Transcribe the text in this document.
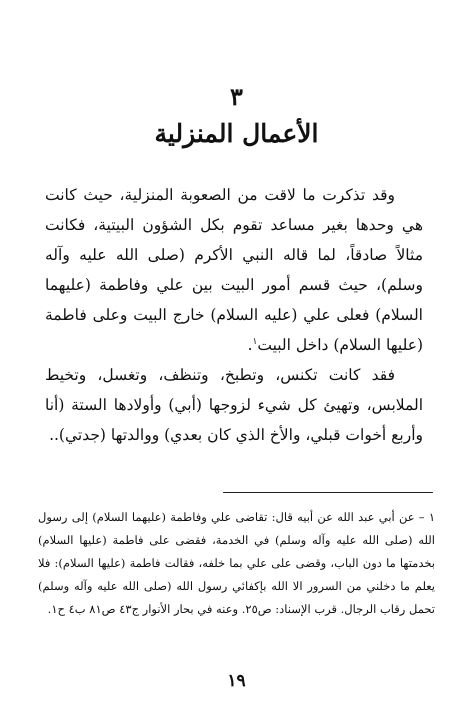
٣
الأعمال المنزلية

وقد تذكرت ما لاقت من الصعوبة المنزلية، حيث كانت هي وحدها بغير مساعد تقوم بكل الشؤون البيتية، فكانت مثالاً صادقاً، لما قاله النبي الأكرم (صلى الله عليه وآله وسلم)، حيث قسم أمور البيت بين علي وفاطمة (عليهما السلام) فعلى علي (عليه السلام) خارج البيت وعلى فاطمة (عليها السلام) داخل البيت$^١$.

فقد كانت تكنس، وتطبخ، وتنظف، وتغسل، وتخيط الملابس، وتهيئ كل شيء لزوجها (أبي) وأولادها الستة (أنا وأربع أخوات قبلي، والأخ الذي كان بعدي) ووالدتها (جدتي)..

١ – عن أبي عبد الله عن أبيه قال: تقاضى علي وفاطمة (عليهما السلام) إلى رسول الله (صلى الله عليه وآله وسلم) في الخدمة، فقضى على فاطمة (عليها السلام) بخدمتها ما دون الباب، وقضى على علي بما خلفه، فقالت فاطمة (عليها السلام): فلا يعلم ما دخلني من السرور الا الله بإكفائي رسول الله (صلى الله عليه وآله وسلم) تحمل رقاب الرجال. قرب الإسناد: ص٢٥. وعنه في بحار الأنوار ج٤٣ ص٨١ ب٤ ح١.

١٩
